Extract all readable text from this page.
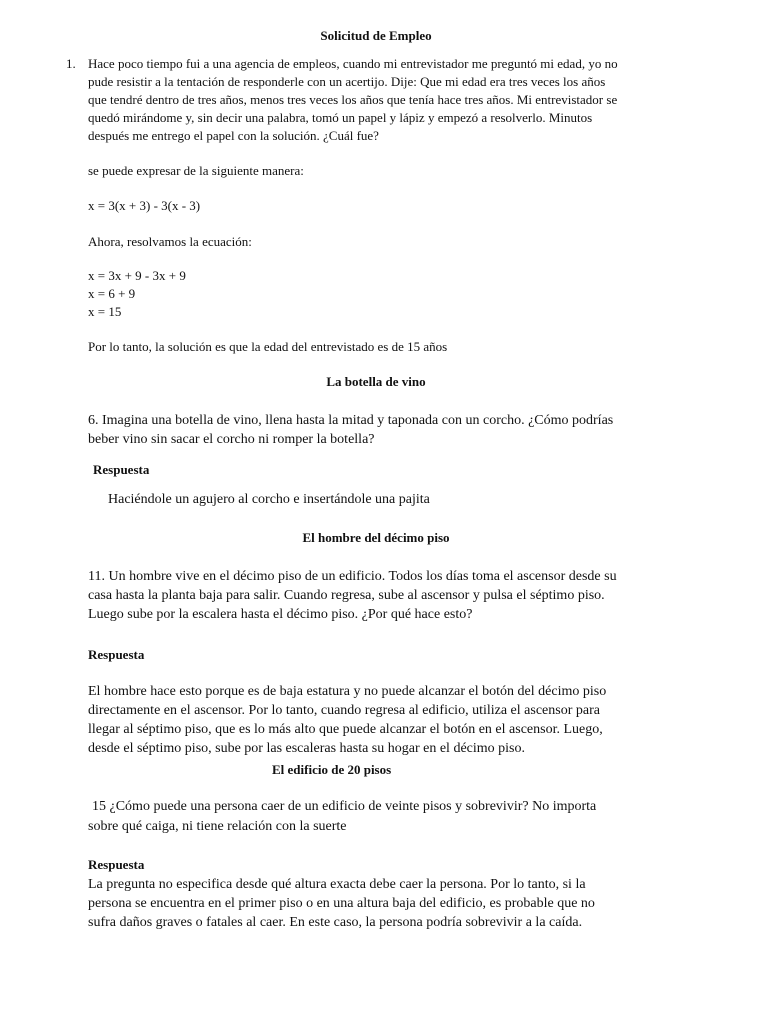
Solicitud de Empleo
1. Hace poco tiempo fui a una agencia de empleos, cuando mi entrevistador me preguntó mi edad, yo no
pude resistir a la tentación de responderle con un acertijo. Dije: Que mi edad era tres veces los años
que tendré dentro de tres años, menos tres veces los años que tenía hace tres años. Mi entrevistador se
quedó mirándome y, sin decir una palabra, tomó un papel y lápiz y empezó a resolverlo. Minutos
después me entrego el papel con la solución. ¿Cuál fue?
se puede expresar de la siguiente manera:
x = 3(x + 3) - 3(x - 3)
Ahora, resolvamos la ecuación:
x = 3x + 9 - 3x + 9
x = 6 + 9
x = 15
Por lo tanto, la solución es que la edad del entrevistado es de 15 años
La botella de vino
6. Imagina una botella de vino, llena hasta la mitad y taponada con un corcho. ¿Cómo podrías
beber vino sin sacar el corcho ni romper la botella?
Respuesta
Haciéndole un agujero al corcho e insertándole una pajita
El hombre del décimo piso
11. Un hombre vive en el décimo piso de un edificio. Todos los días toma el ascensor desde su
casa hasta la planta baja para salir. Cuando regresa, sube al ascensor y pulsa el séptimo piso.
Luego sube por la escalera hasta el décimo piso. ¿Por qué hace esto?
Respuesta
El hombre hace esto porque es de baja estatura y no puede alcanzar el botón del décimo piso
directamente en el ascensor. Por lo tanto, cuando regresa al edificio, utiliza el ascensor para
llegar al séptimo piso, que es lo más alto que puede alcanzar el botón en el ascensor. Luego,
desde el séptimo piso, sube por las escaleras hasta su hogar en el décimo piso.
El edificio de 20 pisos
15 ¿Cómo puede una persona caer de un edificio de veinte pisos y sobrevivir? No importa
sobre qué caiga, ni tiene relación con la suerte
Respuesta
La pregunta no especifica desde qué altura exacta debe caer la persona. Por lo tanto, si la
persona se encuentra en el primer piso o en una altura baja del edificio, es probable que no
sufra daños graves o fatales al caer. En este caso, la persona podría sobrevivir a la caída.
